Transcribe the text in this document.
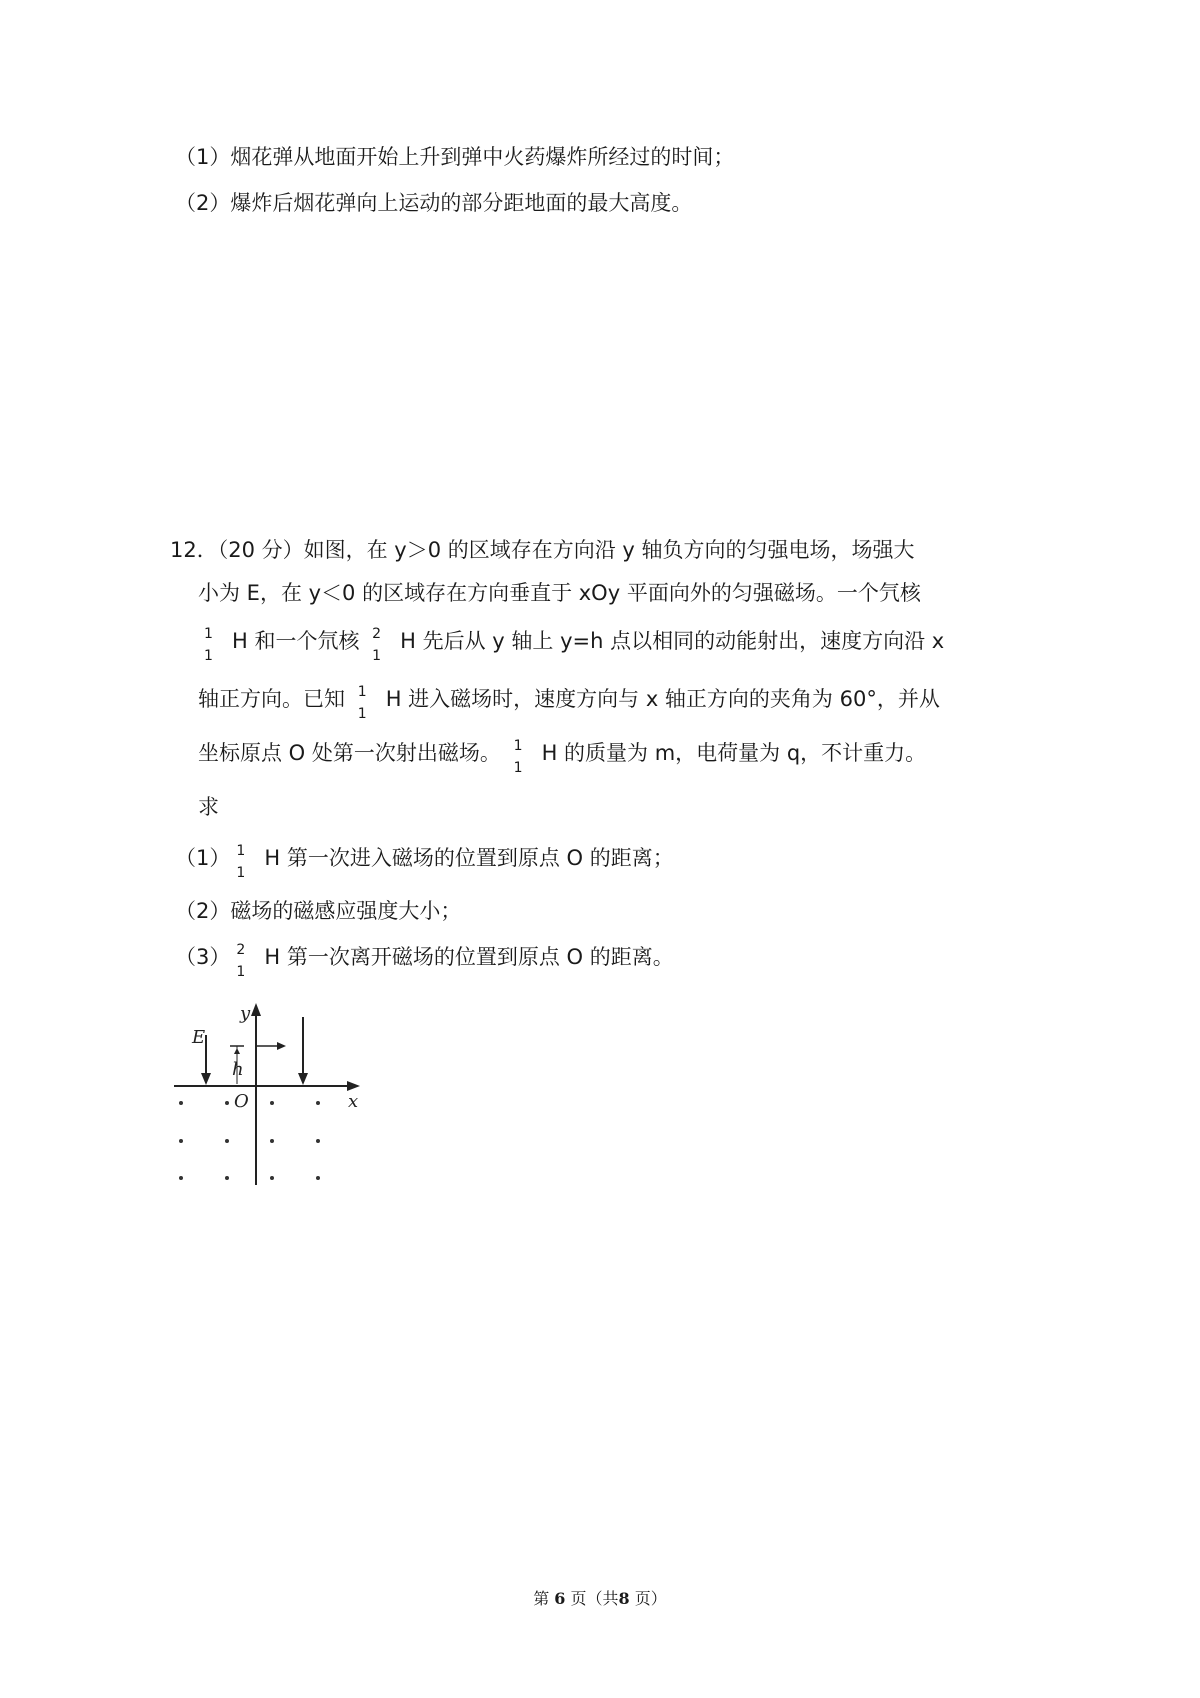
（1）烟花弹从地面开始上升到弹中火药爆炸所经过的时间；
（2）爆炸后烟花弹向上运动的部分距地面的最大高度。
12．（20 分）如图，在 y＞0 的区域存在方向沿 y 轴负方向的匀强电场，场强大
小为 E，在 y＜0 的区域存在方向垂直于 xOy 平面向外的匀强磁场。一个氕核
1
1
H 和一个氘核 2
1
H 先后从 y 轴上 y=h 点以相同的动能射出，速度方向沿 x
轴正方向。已知 1
1
H 进入磁场时，速度方向与 x 轴正方向的夹角为 60°，并从
坐标原点 O 处第一次射出磁场。 1
1
H 的质量为 m，电荷量为 q，不计重力。
求
（1） 1
1
H 第一次进入磁场的位置到原点 O 的距离；
（2）磁场的磁感应强度大小；
（3） 2
1
H 第一次离开磁场的位置到原点 O 的距离。
E
y
h
O	x
第 6 页（共8 页）
